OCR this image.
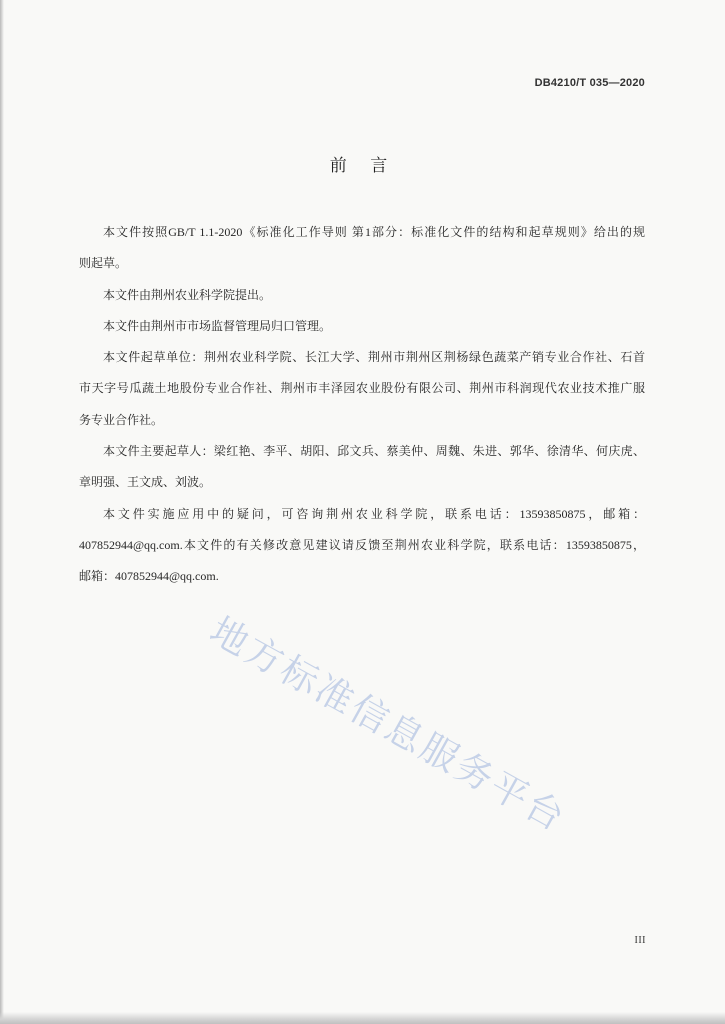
DB4210/T 035—2020
前 言
本文件按照GB/T 1.1-2020《标准化工作导则 第1部分：标准化文件的结构和起草规则》给出的规
则起草。
本文件由荆州农业科学院提出。
本文件由荆州市市场监督管理局归口管理。
本文件起草单位：荆州农业科学院、长江大学、荆州市荆州区荆杨绿色蔬菜产销专业合作社、石首
市天字号瓜蔬土地股份专业合作社、荆州市丰泽园农业股份有限公司、荆州市科润现代农业技术推广服
务专业合作社。
本文件主要起草人：梁红艳、李平、胡阳、邱文兵、蔡美仲、周魏、朱进、郭华、徐清华、何庆虎、
章明强、王文成、刘波。
本文件实施应用中的疑问，可咨询荆州农业科学院，联系电话：13593850875，邮箱：
407852944@qq.com.本文件的有关修改意见建议请反馈至荆州农业科学院，联系电话：13593850875，
邮箱：407852944@qq.com.
地方标准信息服务平台
III
